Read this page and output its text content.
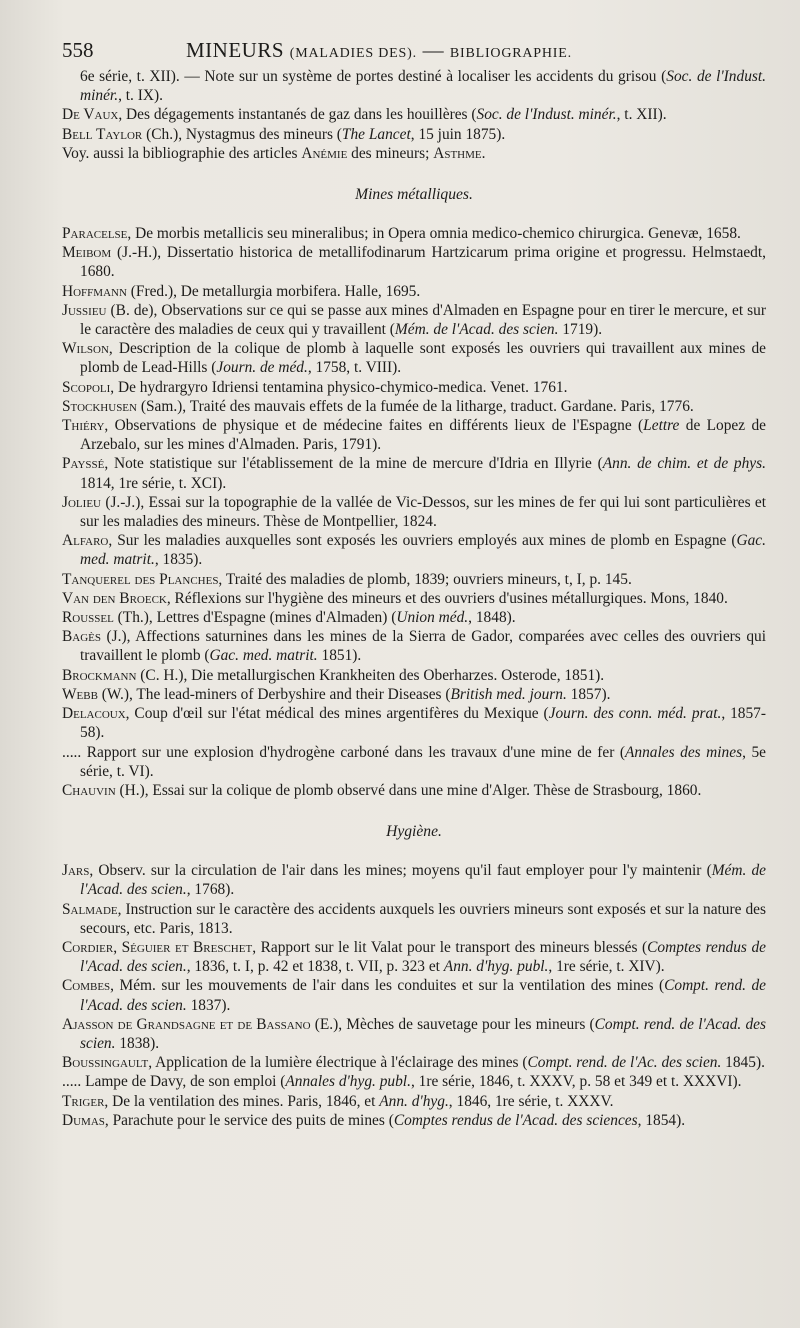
558	MINEURS (MALADIES DES). — BIBLIOGRAPHIE.

6e série, t. XII). — Note sur un système de portes destiné à localiser les accidents du grisou (Soc. de l'Indust. minér., t. IX).

De Vaux, Des dégagements instantanés de gaz dans les houillères (Soc. de l'Indust. minér., t. XII).

Bell Taylor (Ch.), Nystagmus des mineurs (The Lancet, 15 juin 1875).

Voy. aussi la bibliographie des articles Anémie des mineurs; Asthme.

Mines métalliques.

Paracelse, De morbis metallicis seu mineralibus; in Opera omnia medico-chemico chirurgica. Genevæ, 1658.

Meibom (J.-H.), Dissertatio historica de metallifodinarum Hartzicarum prima origine et progressu. Helmstaedt, 1680.

Hoffmann (Fred.), De metallurgia morbifera. Halle, 1695.

Jussieu (B. de), Observations sur ce qui se passe aux mines d'Almaden en Espagne pour en tirer le mercure, et sur le caractère des maladies de ceux qui y travaillent (Mém. de l'Acad. des scien. 1719).

Wilson, Description de la colique de plomb à laquelle sont exposés les ouvriers qui travaillent aux mines de plomb de Lead-Hills (Journ. de méd., 1758, t. VIII).

Scopoli, De hydrargyro Idriensi tentamina physico-chymico-medica. Venet. 1761.

Stockhusen (Sam.), Traité des mauvais effets de la fumée de la litharge, traduct. Gardane. Paris, 1776.

Thiéry, Observations de physique et de médecine faites en différents lieux de l'Espagne (Lettre de Lopez de Arzebalo, sur les mines d'Almaden. Paris, 1791).

Payssé, Note statistique sur l'établissement de la mine de mercure d'Idria en Illyrie (Ann. de chim. et de phys. 1814, 1re série, t. XCI).

Jolieu (J.-J.), Essai sur la topographie de la vallée de Vic-Dessos, sur les mines de fer qui lui sont particulières et sur les maladies des mineurs. Thèse de Montpellier, 1824.

Alfaro, Sur les maladies auxquelles sont exposés les ouvriers employés aux mines de plomb en Espagne (Gac. med. matrit., 1835).

Tanquerel des Planches, Traité des maladies de plomb, 1839; ouvriers mineurs, t, I, p. 145.

Van den Broeck, Réflexions sur l'hygiène des mineurs et des ouvriers d'usines métallurgiques. Mons, 1840.

Roussel (Th.), Lettres d'Espagne (mines d'Almaden) (Union méd., 1848).

Bagès (J.), Affections saturnines dans les mines de la Sierra de Gador, comparées avec celles des ouvriers qui travaillent le plomb (Gac. med. matrit. 1851).

Brockmann (C. H.), Die metallurgischen Krankheiten des Oberharzes. Osterode, 1851).

Webb (W.), The lead-miners of Derbyshire and their Diseases (British med. journ. 1857).

Delacoux, Coup d'œil sur l'état médical des mines argentifères du Mexique (Journ. des conn. méd. prat., 1857-58).

..... Rapport sur une explosion d'hydrogène carboné dans les travaux d'une mine de fer (Annales des mines, 5e série, t. VI).

Chauvin (H.), Essai sur la colique de plomb observé dans une mine d'Alger. Thèse de Strasbourg, 1860.

Hygiène.

Jars, Observ. sur la circulation de l'air dans les mines; moyens qu'il faut employer pour l'y maintenir (Mém. de l'Acad. des scien., 1768).

Salmade, Instruction sur le caractère des accidents auxquels les ouvriers mineurs sont exposés et sur la nature des secours, etc. Paris, 1813.

Cordier, Séguier et Breschet, Rapport sur le lit Valat pour le transport des mineurs blessés (Comptes rendus de l'Acad. des scien., 1836, t. I, p. 42 et 1838, t. VII, p. 323 et Ann. d'hyg. publ., 1re série, t. XIV).

Combes, Mém. sur les mouvements de l'air dans les conduites et sur la ventilation des mines (Compt. rend. de l'Acad. des scien. 1837).

Ajasson de Grandsagne et de Bassano (E.), Mèches de sauvetage pour les mineurs (Compt. rend. de l'Acad. des scien. 1838).

Boussingault, Application de la lumière électrique à l'éclairage des mines (Compt. rend. de l'Ac. des scien. 1845).

..... Lampe de Davy, de son emploi (Annales d'hyg. publ., 1re série, 1846, t. XXXV, p. 58 et 349 et t. XXXVI).

Triger, De la ventilation des mines. Paris, 1846, et Ann. d'hyg., 1846, 1re série, t. XXXV.

Dumas, Parachute pour le service des puits de mines (Comptes rendus de l'Acad. des sciences, 1854).
